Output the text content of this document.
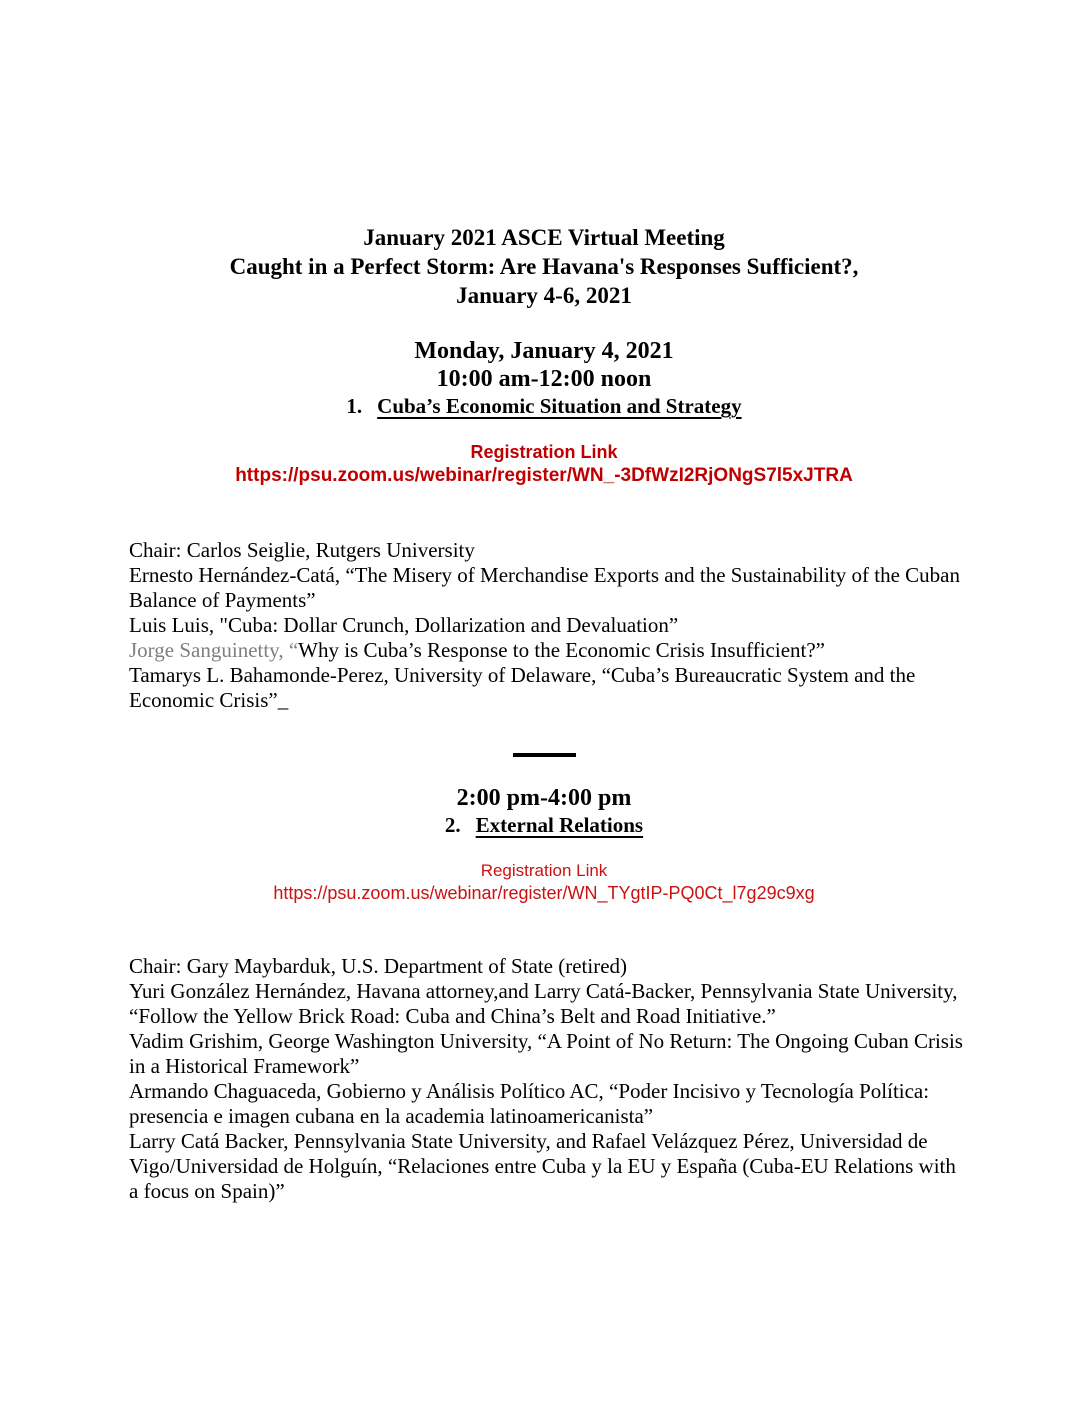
January 2021 ASCE Virtual Meeting
Caught in a Perfect Storm: Are Havana's Responses Sufficient?,
January 4-6, 2021
Monday, January 4, 2021
10:00 am-12:00 noon
1. Cuba’s Economic Situation and Strategy
Registration Link
https://psu.zoom.us/webinar/register/WN_-3DfWzI2RjONgS7l5xJTRA

Chair: Carlos Seiglie, Rutgers University

Ernesto Hernández-Catá, “The Misery of Merchandise Exports and the Sustainability of the Cuban Balance of Payments”

Luis Luis, "Cuba: Dollar Crunch, Dollarization and Devaluation”

Jorge Sanguinetty, “Why is Cuba’s Response to the Economic Crisis Insufficient?”

Tamarys L. Bahamonde-Perez, University of Delaware, “Cuba’s Bureaucratic System and the Economic Crisis”_

2:00 pm-4:00 pm
2. External Relations
Registration Link
https://psu.zoom.us/webinar/register/WN_TYgtIP-PQ0Ct_l7g29c9xg

Chair: Gary Maybarduk, U.S. Department of State (retired)

Yuri González Hernández, Havana attorney,and Larry Catá-Backer, Pennsylvania State University, “Follow the Yellow Brick Road: Cuba and China’s Belt and Road Initiative.”

Vadim Grishim, George Washington University, “A Point of No Return: The Ongoing Cuban Crisis in a Historical Framework”

Armando Chaguaceda, Gobierno y Análisis Político AC, “Poder Incisivo y Tecnología Política: presencia e imagen cubana en la academia latinoamericanista”

Larry Catá Backer, Pennsylvania State University, and Rafael Velázquez Pérez, Universidad de Vigo/Universidad de Holguín, “Relaciones entre Cuba y la EU y España (Cuba-EU Relations with a focus on Spain)”
